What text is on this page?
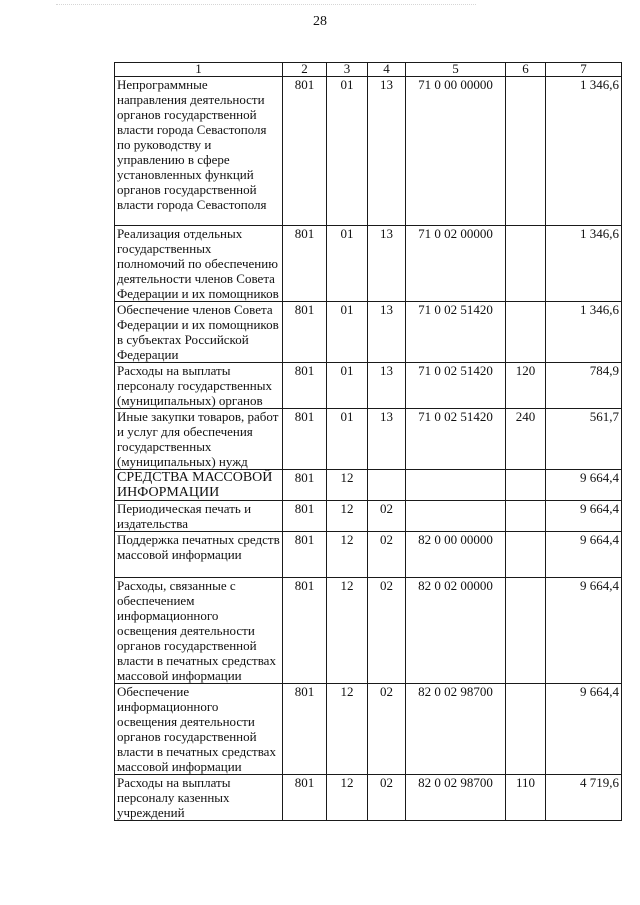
28
1	2	3	4	5	6	7
Непрограммные направления деятельности органов государственной власти города Севастополя по руководству и управлению в сфере установленных функций органов государственной власти города Севастополя	801	01	13	71 0 00 00000		1 346,6
Реализация отдельных государственных полномочий по обеспечению деятельности членов Совета Федерации и их помощников	801	01	13	71 0 02 00000		1 346,6
Обеспечение членов Совета Федерации и их помощников в субъектах Российской Федерации	801	01	13	71 0 02 51420		1 346,6
Расходы на выплаты персоналу государственных (муниципальных) органов	801	01	13	71 0 02 51420	120	784,9
Иные закупки товаров, работ и услуг для обеспечения государственных (муниципальных) нужд	801	01	13	71 0 02 51420	240	561,7
СРЕДСТВА МАССОВОЙ ИНФОРМАЦИИ	801	12				9 664,4
Периодическая печать и издательства	801	12	02			9 664,4
Поддержка печатных средств массовой информации	801	12	02	82 0 00 00000		9 664,4
Расходы, связанные с обеспечением информационного освещения деятельности органов государственной власти в печатных средствах массовой информации	801	12	02	82 0 02 00000		9 664,4
Обеспечение информационного освещения деятельности органов государственной власти в печатных средствах массовой информации	801	12	02	82 0 02 98700		9 664,4
Расходы на выплаты персоналу казенных учреждений	801	12	02	82 0 02 98700	110	4 719,6
